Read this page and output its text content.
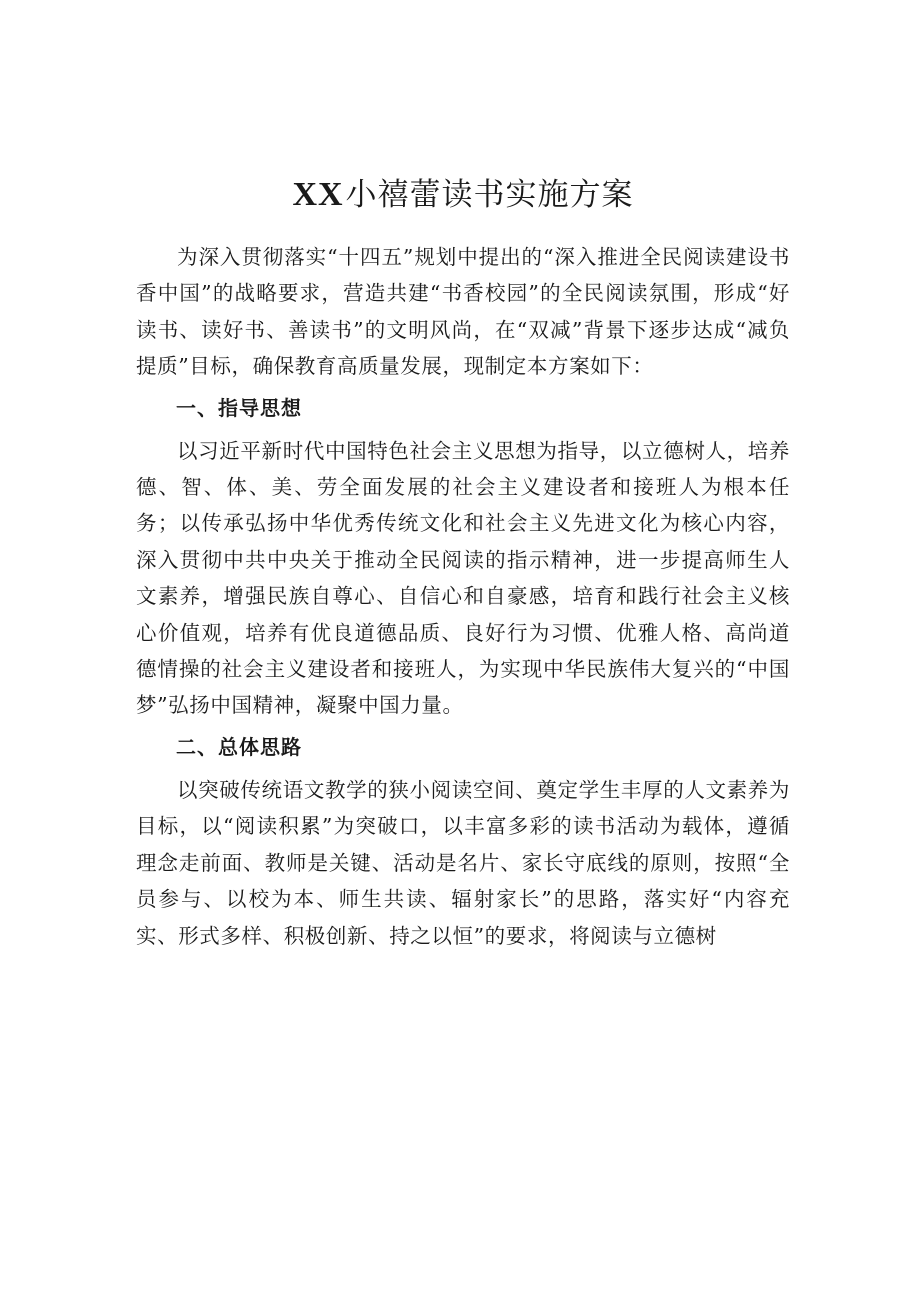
XX小禧蕾读书实施方案

为深入贯彻落实“十四五”规划中提出的“深入推进全民阅读建设书香中国”的战略要求，营造共建“书香校园”的全民阅读氛围，形成“好读书、读好书、善读书”的文明风尚，在“双减”背景下逐步达成“减负提质”目标，确保教育高质量发展，现制定本方案如下：

一、指导思想

以习近平新时代中国特色社会主义思想为指导，以立德树人，培养德、智、体、美、劳全面发展的社会主义建设者和接班人为根本任务；以传承弘扬中华优秀传统文化和社会主义先进文化为核心内容，深入贯彻中共中央关于推动全民阅读的指示精神，进一步提高师生人文素养，增强民族自尊心、自信心和自豪感，培育和践行社会主义核心价值观，培养有优良道德品质、良好行为习惯、优雅人格、高尚道德情操的社会主义建设者和接班人，为实现中华民族伟大复兴的“中国梦”弘扬中国精神，凝聚中国力量。

二、总体思路

以突破传统语文教学的狭小阅读空间、奠定学生丰厚的人文素养为目标，以“阅读积累”为突破口，以丰富多彩的读书活动为载体，遵循理念走前面、教师是关键、活动是名片、家长守底线的原则，按照“全员参与、以校为本、师生共读、辐射家长”的思路，落实好“内容充实、形式多样、积极创新、持之以恒”的要求，将阅读与立德树
